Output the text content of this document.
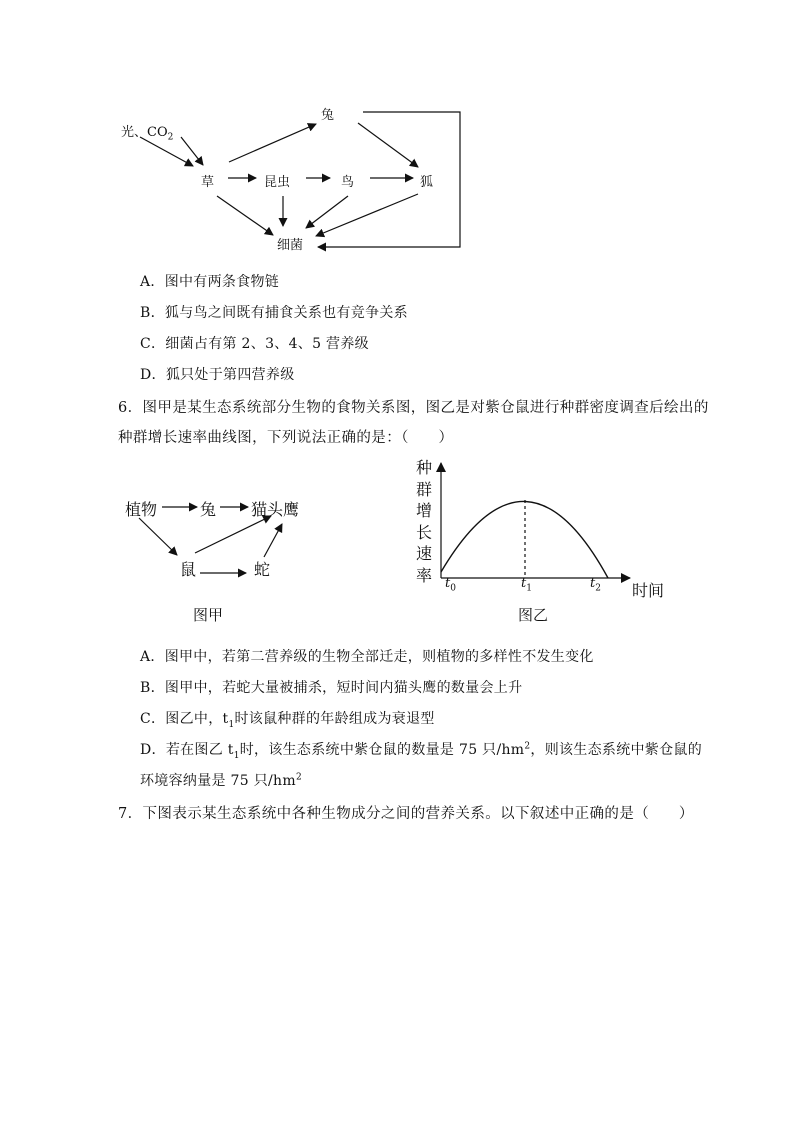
光、$CO_2$
兔
草	昆虫	鸟	狐
细菌
A．图中有两条食物链
B．狐与鸟之间既有捕食关系也有竞争关系
C．细菌占有第 2、3、4、5 营养级
D．狐只处于第四营养级
6．图甲是某生态系统部分生物的食物关系图，图乙是对紫仓鼠进行种群密度调查后绘出的
种群增长速率曲线图，下列说法正确的是：（　　）
植物	兔 猫头鹰
鼠	蛇
图甲
种
群
增
长
速
率 $t_0$	$t_1$	$t_2$ 时间
图乙
A．图甲中，若第二营养级的生物全部迁走，则植物的多样性不发生变化
B．图甲中，若蛇大量被捕杀，短时间内猫头鹰的数量会上升
C．图乙中，$t_1$时该鼠种群的年龄组成为衰退型
D．若在图乙 $t_1$时，该生态系统中紫仓鼠的数量是 75 只$/hm^2$，则该生态系统中紫仓鼠的
环境容纳量是 75 只$/hm^2$
7．下图表示某生态系统中各种生物成分之间的营养关系。以下叙述中正确的是（　　）
